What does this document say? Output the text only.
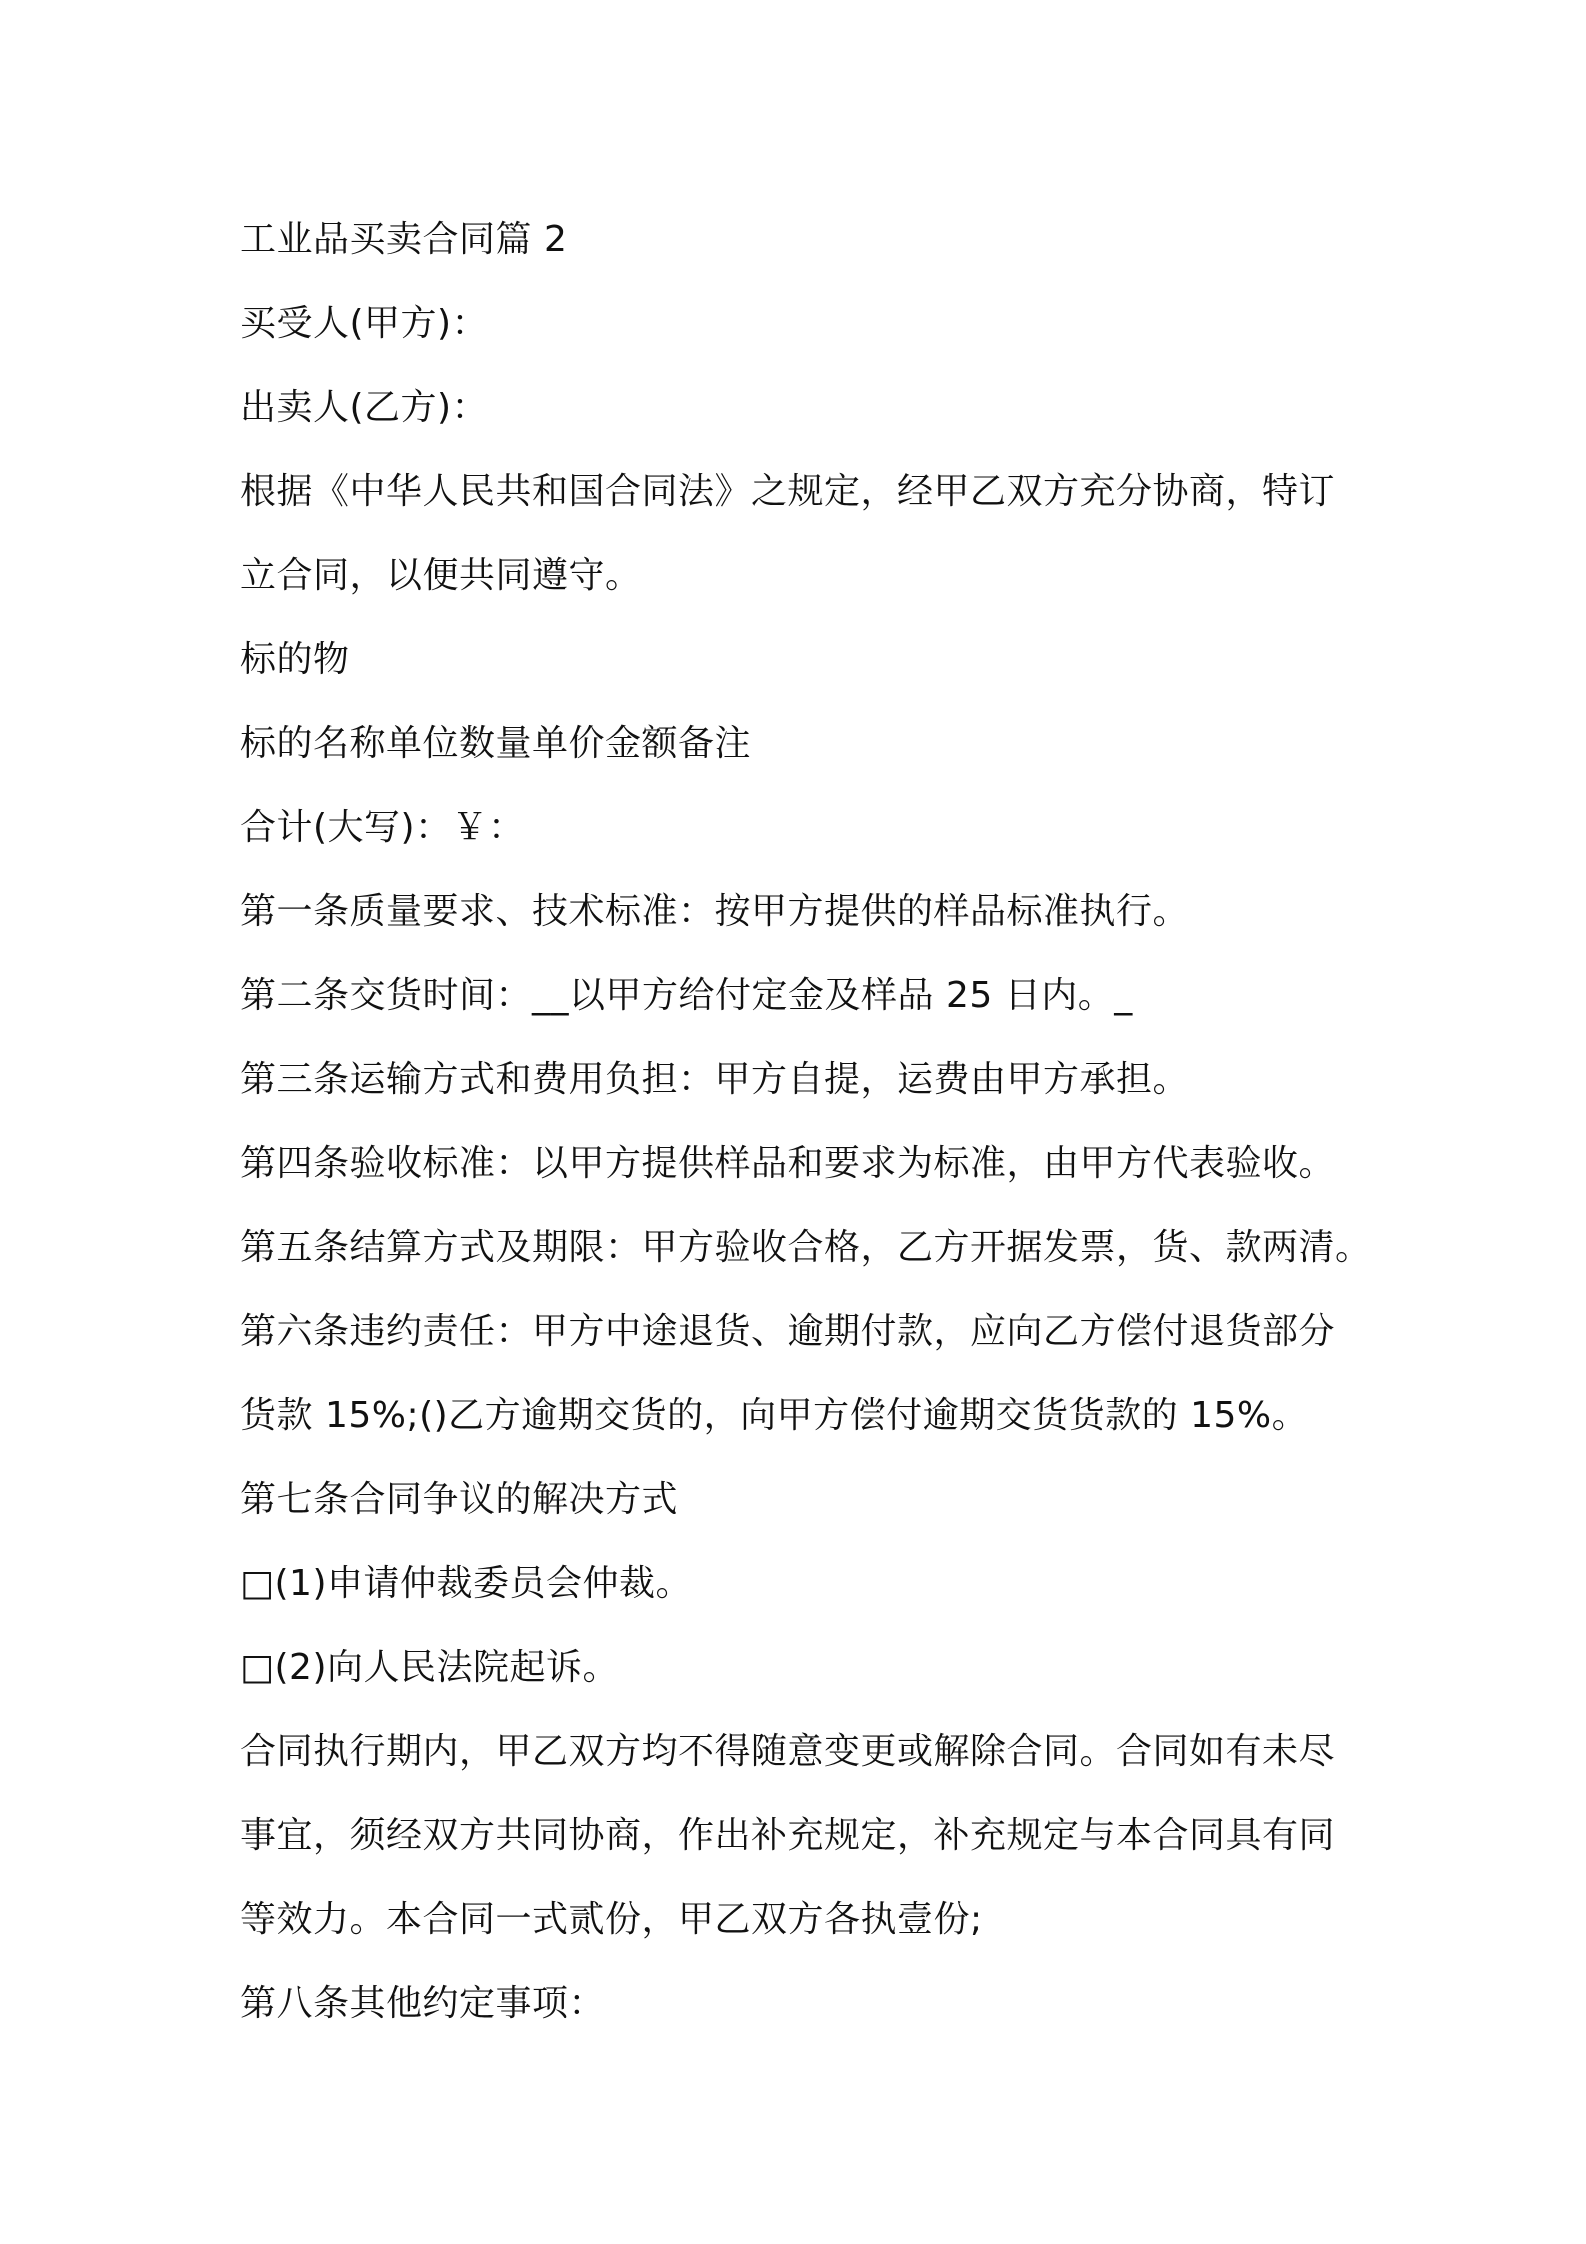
工业品买卖合同篇 2
买受人(甲方)：
出卖人(乙方)：
根据《中华人民共和国合同法》之规定，经甲乙双方充分协商，特订
立合同，以便共同遵守。
标的物
标的名称单位数量单价金额备注
合计(大写)：￥：
第一条质量要求、技术标准：按甲方提供的样品标准执行。
第二条交货时间：__以甲方给付定金及样品 25 日内。_
第三条运输方式和费用负担：甲方自提，运费由甲方承担。
第四条验收标准：以甲方提供样品和要求为标准，由甲方代表验收。
第五条结算方式及期限：甲方验收合格，乙方开据发票，货、款两清。
第六条违约责任：甲方中途退货、逾期付款，应向乙方偿付退货部分
货款 15%;()乙方逾期交货的，向甲方偿付逾期交货货款的 15%。
第七条合同争议的解决方式
□(1)申请仲裁委员会仲裁。
□(2)向人民法院起诉。
合同执行期内，甲乙双方均不得随意变更或解除合同。合同如有未尽
事宜，须经双方共同协商，作出补充规定，补充规定与本合同具有同
等效力。本合同一式贰份，甲乙双方各执壹份;
第八条其他约定事项：
